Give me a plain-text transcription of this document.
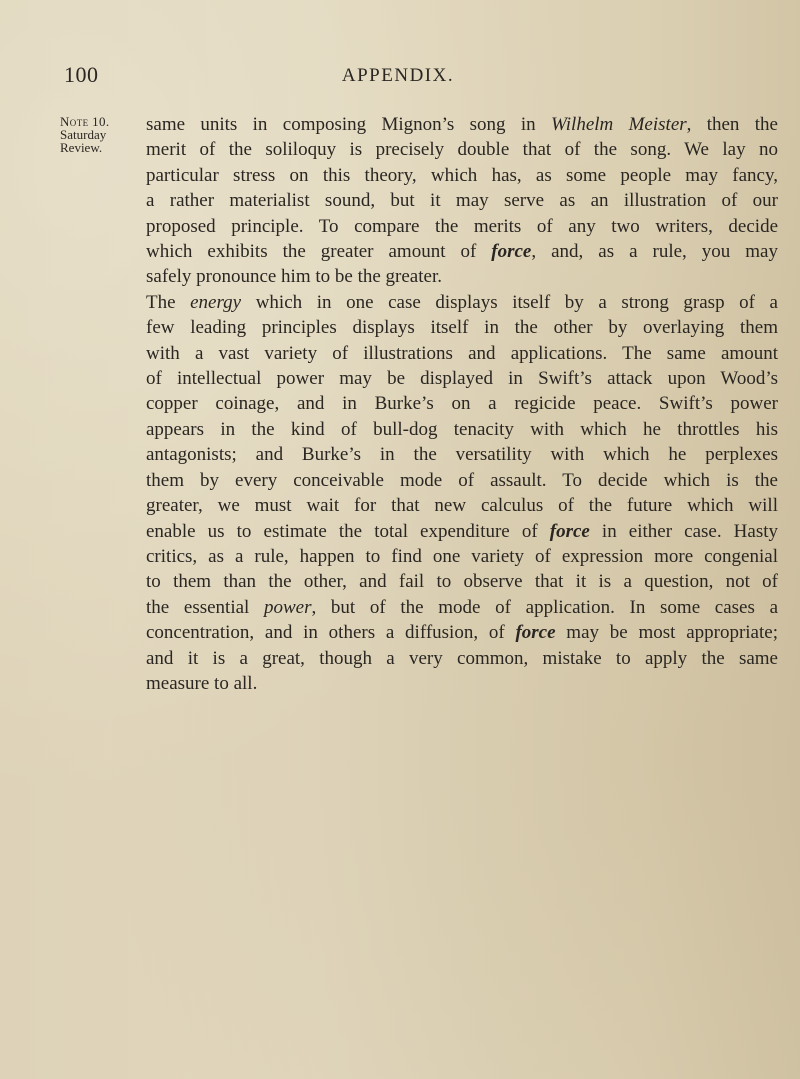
100	APPENDIX.
Note 10.

Saturday
Review.
same units in composing Mignon’s song in Wilhelm Meister, then the
merit of the soliloquy is precisely double that of the song. We lay no
particular stress on this theory, which has, as some people may fancy,
a rather materialist sound, but it may serve as an illustration of our
proposed principle. To compare the merits of any two writers, decide
which exhibits the greater amount of force, and, as a rule, you may
safely pronounce him to be the greater.
The energy which in one case displays itself by a strong grasp of a
few leading principles displays itself in the other by overlaying them
with a vast variety of illustrations and applications. The same amount
of intellectual power may be displayed in Swift’s attack upon Wood’s
copper coinage, and in Burke’s on a regicide peace. Swift’s power
appears in the kind of bull-dog tenacity with which he throttles his
antagonists; and Burke’s in the versatility with which he perplexes
them by every conceivable mode of assault. To decide which is the
greater, we must wait for that new calculus of the future which will
enable us to estimate the total expenditure of force in either case. Hasty
critics, as a rule, happen to find one variety of expression more congenial
to them than the other, and fail to observe that it is a question, not of
the essential power, but of the mode of application. In some cases a
concentration, and in others a diffusion, of force may be most appropriate;
and it is a great, though a very common, mistake to apply the same
measure to all.
